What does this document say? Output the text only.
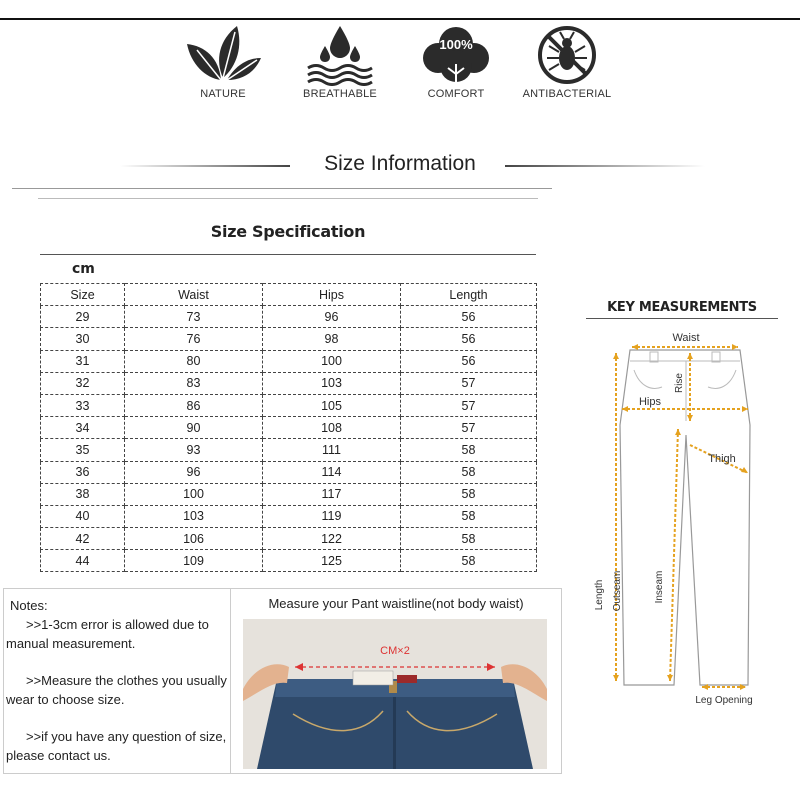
NATURE	BREATHABLE
100%
COMFORT	ANTIBACTERIAL
Size Information
Size Specification
cm
Size	Waist	Hips	Length
29	73	96	56
30	76	98	56
31	80	100	56
32	83	103	57
33	86	105	57
34	90	108	57
35	93	111	58
36	96	114	58
38	100	117	58
40	103	119	58
42	106	122	58
44	109	125	58
Notes:
>>1-3cm error is allowed due to manual measurement.
>>Measure the clothes you usually wear to choose size.
>>if you have any question of size, please contact us.
Measure your Pant waistline(not body waist)
CM×2
KEY MEASUREMENTS
Waist
Rise
Hips
Thigh
Length Outseam	Inseam
Leg Opening
